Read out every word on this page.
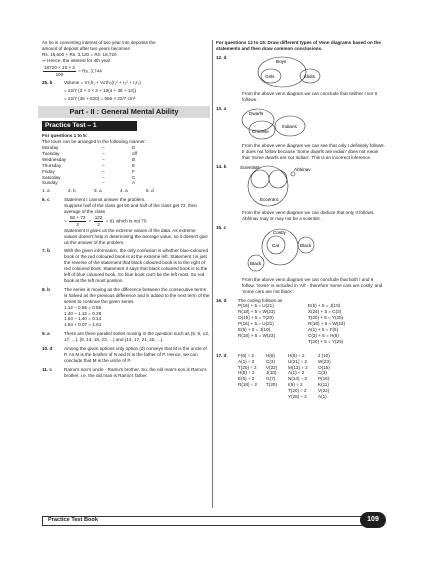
As he is converting interest of two year into deposits the

amount of deposit after two years becomes

Rs. 15,600 + Rs. 3,120 = Rs. 18,720

⇒ Hence, the interest for 4th year

$\frac{18720 \times 10 \times 2}{100} = Rs$. 3,744

25. b	Volume = πr₁h₁ + ⅓πh₂(r₁² + r₂² + r₁r₂)

= 22/7 (3 × 4 × 3 + 10(4 + 36 + 12))

= 22/7 (36 + 520) = 556 × 22/7 cm³

Part - II : General Mental Ability
Practice Test – 1

For questions 1 to 5:

The tours can be arranged in the following manner:

Monday	–	D
Tuesday	–	off
Wednesday	–	B
Thursday	–	E
Friday	–	F
Saturday	–	C
Sunday	–	A
1. a	2. b	3. a	4. a	5. d
6. c	Statement I cannot answer the problem.

Suppose half of the class get 50 and half of the class get 72, then average of the class

= $\frac{50 + 72}{2} = \frac{122}{2} = 61$ which is not 70.

Statement II gives us the extreme values of the data. As extreme values doesn't help in determining the average value, so it doesn't give us the answer of the problem.

7. b	With the given information, the only confusion is whether blue-coloured book or the red coloured book is at the extreme left. Statement I is just the reverse of the statement that black coloured book is to the right of red coloured book. Statement II says that black coloured book is to the left of blue coloured book. So blue book can't be the left most. So red book at the left most position.

8. b	The series is moving as the difference between the consecutive terms is halved as the previous difference and is added to the next term of the series to continue the given series.

1.12 – 0.56 = 0.56

1.40 – 1.12 = 0.28

1.54 – 1.40 = 0.14

1.54 + 0.07 = 1.61

9. a	There are three parallel series moving in the question such as (5, 9, 13, 17, ...), (8, 13, 18, 23, ...) and (13, 17, 21, 25, ...).

10. d	Among the given options only option (d) conveys that M is the uncle of P. As M is the brother of N and N is the father of P. Hence, we can conclude that M is the uncle of P.

11. c	Ramu's son's uncle - Ramu's brother, So, the old man's son is Ramu's brother, i.e. the old man is Ramu's father.

For questions 12 to 15: Draw different types of Venn diagrams based on the statements and then draw common conclusions.

12. d
Boys
Girls	Idiots

From the above venn diagram we can conclude that neither I nor II follows.

13. a
Dwarfs
Chinese
Indians

From the above venn diagram we can see that only I definitely follows. II does not follow because 'Some dwarfs are Indian' does not mean that 'Some dwarfs are not Indian'. This is an incorrect inference.

14. b	Scientists	Abhinav
Eccentric

From the above venn diagram we can deduce that only II follows. Abhinav may or may not be a scientist.

15. c
Costly
Car	Black
Black

From the above venn diagram we can conclude that both I and II follow. 'Some' is included in 'All' - therefore 'some cars are costly' and 'some cars are not black'.

16. d	The coding follows as

P(16) + 5 = U(21)	E(5) + 5 = J(10)
R(18) + 5 = W(23)	X(24) + 5 = C(3)
O(15) + 5 = T(20)	T(20) + 5 = Y(25)
P(16) + 5 = U(21)	R(18) + 5 = W(23)
E(5) + 5 = J(10)	A(1) + 5 = F(6)
R(18) + 5 = W(23)	C(3) + 5 = H(8)
T(20) + 5 = Y(25)
17. d	F(6) ÷ 2	H(8)	H(8) ÷ 2	J (10)
A(1) ÷ 2	C(3)	U(21) ÷ 2	W(23)
T(20) ÷ 2	V(22)	M(13) ÷ 2	O(15)
H(8) ÷ 2	J(10)	A(1) ÷ 2	C(3)
E(5) ÷ 2	G(7)	N(14) ÷ 2	P(16)
R(18) ÷ 2	T(20)	I(9) ÷ 2	K(11)
T(20) ÷ 2	V(22)
Y(25) ÷ 2	A(1)
Practice Test Book	109
